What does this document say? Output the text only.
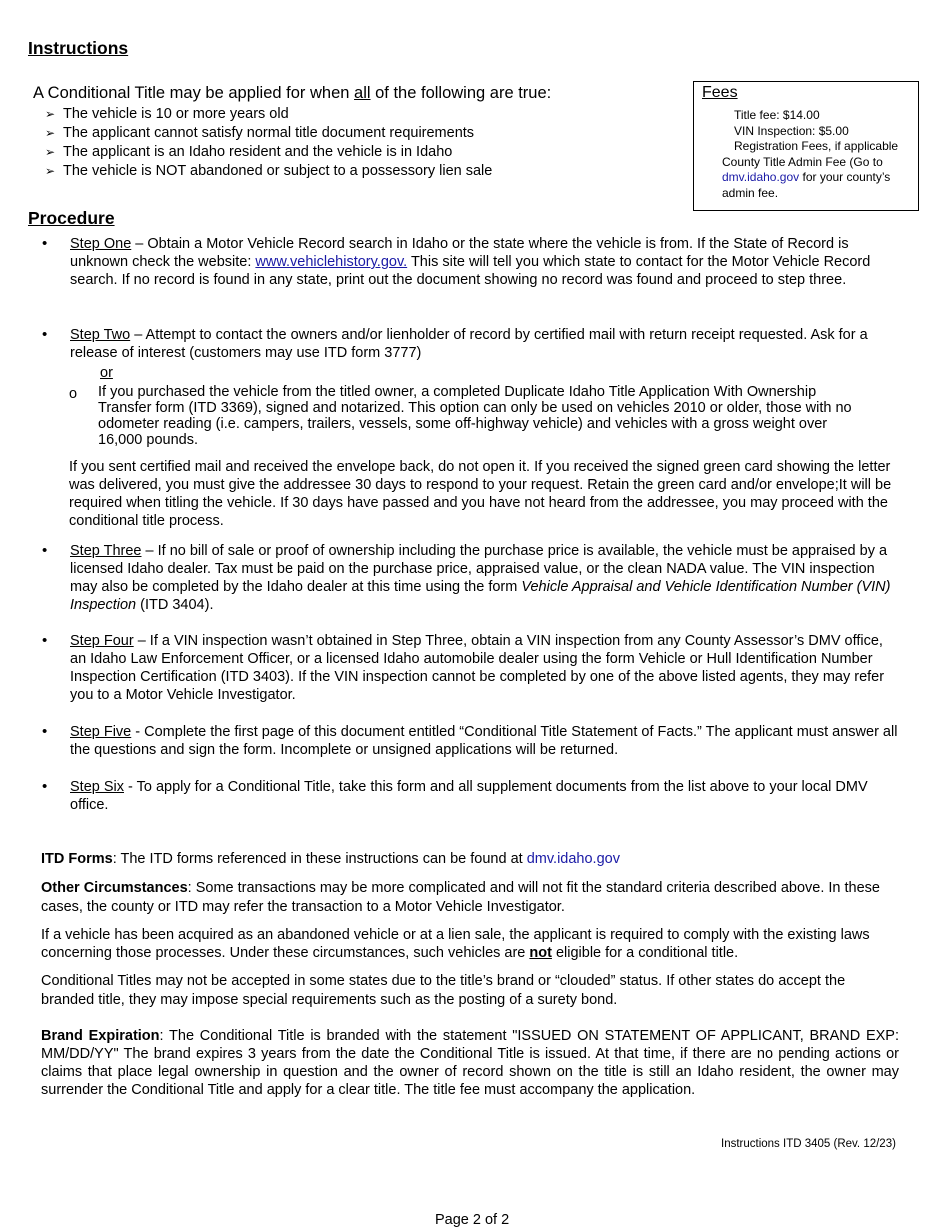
Instructions
A Conditional Title may be applied for when all of the following are true:
➢ The vehicle is 10 or more years old
➢ The applicant cannot satisfy normal title document requirements
➢ The applicant is an Idaho resident and the vehicle is in Idaho
➢ The vehicle is NOT abandoned or subject to a possessory lien sale
Fees
Title fee: $14.00
VIN Inspection: $5.00
Registration Fees, if applicable
County Title Admin Fee (Go to dmv.idaho.gov for your county’s admin fee.
Procedure
• Step One – Obtain a Motor Vehicle Record search in Idaho or the state where the vehicle is from. If the State of Record is unknown check the website: www.vehiclehistory.gov. This site will tell you which state to contact for the Motor Vehicle Record search. If no record is found in any state, print out the document showing no record was found and proceed to step three.
• Step Two – Attempt to contact the owners and/or lienholder of record by certified mail with return receipt requested. Ask for a release of interest (customers may use ITD form 3777)
or
o If you purchased the vehicle from the titled owner, a completed Duplicate Idaho Title Application With Ownership Transfer form (ITD 3369), signed and notarized. This option can only be used on vehicles 2010 or older, those with no odometer reading (i.e. campers, trailers, vessels, some off-highway vehicle) and vehicles with a gross weight over 16,000 pounds.
If you sent certified mail and received the envelope back, do not open it. If you received the signed green card showing the letter was delivered, you must give the addressee 30 days to respond to your request. Retain the green card and/or envelope;It will be required when titling the vehicle. If 30 days have passed and you have not heard from the addressee, you may proceed with the conditional title process.
• Step Three – If no bill of sale or proof of ownership including the purchase price is available, the vehicle must be appraised by a licensed Idaho dealer. Tax must be paid on the purchase price, appraised value, or the clean NADA value. The VIN inspection may also be completed by the Idaho dealer at this time using the form Vehicle Appraisal and Vehicle Identification Number (VIN) Inspection (ITD 3404).
• Step Four – If a VIN inspection wasn’t obtained in Step Three, obtain a VIN inspection from any County Assessor’s DMV office, an Idaho Law Enforcement Officer, or a licensed Idaho automobile dealer using the form Vehicle or Hull Identification Number Inspection Certification (ITD 3403). If the VIN inspection cannot be completed by one of the above listed agents, they may refer you to a Motor Vehicle Investigator.
• Step Five - Complete the first page of this document entitled “Conditional Title Statement of Facts.” The applicant must answer all the questions and sign the form. Incomplete or unsigned applications will be returned.
• Step Six - To apply for a Conditional Title, take this form and all supplement documents from the list above to your local DMV office.
ITD Forms: The ITD forms referenced in these instructions can be found at dmv.idaho.gov
Other Circumstances: Some transactions may be more complicated and will not fit the standard criteria described above. In these cases, the county or ITD may refer the transaction to a Motor Vehicle Investigator.
If a vehicle has been acquired as an abandoned vehicle or at a lien sale, the applicant is required to comply with the existing laws concerning those processes. Under these circumstances, such vehicles are not eligible for a conditional title.
Conditional Titles may not be accepted in some states due to the title’s brand or “clouded” status. If other states do accept the branded title, they may impose special requirements such as the posting of a surety bond.
Brand Expiration: The Conditional Title is branded with the statement "ISSUED ON STATEMENT OF APPLICANT, BRAND EXP: MM/DD/YY" The brand expires 3 years from the date the Conditional Title is issued. At that time, if there are no pending actions or claims that place legal ownership in question and the owner of record shown on the title is still an Idaho resident, the owner may surrender the Conditional Title and apply for a clear title. The title fee must accompany the application.
Instructions ITD 3405 (Rev. 12/23)
Page 2 of 2
